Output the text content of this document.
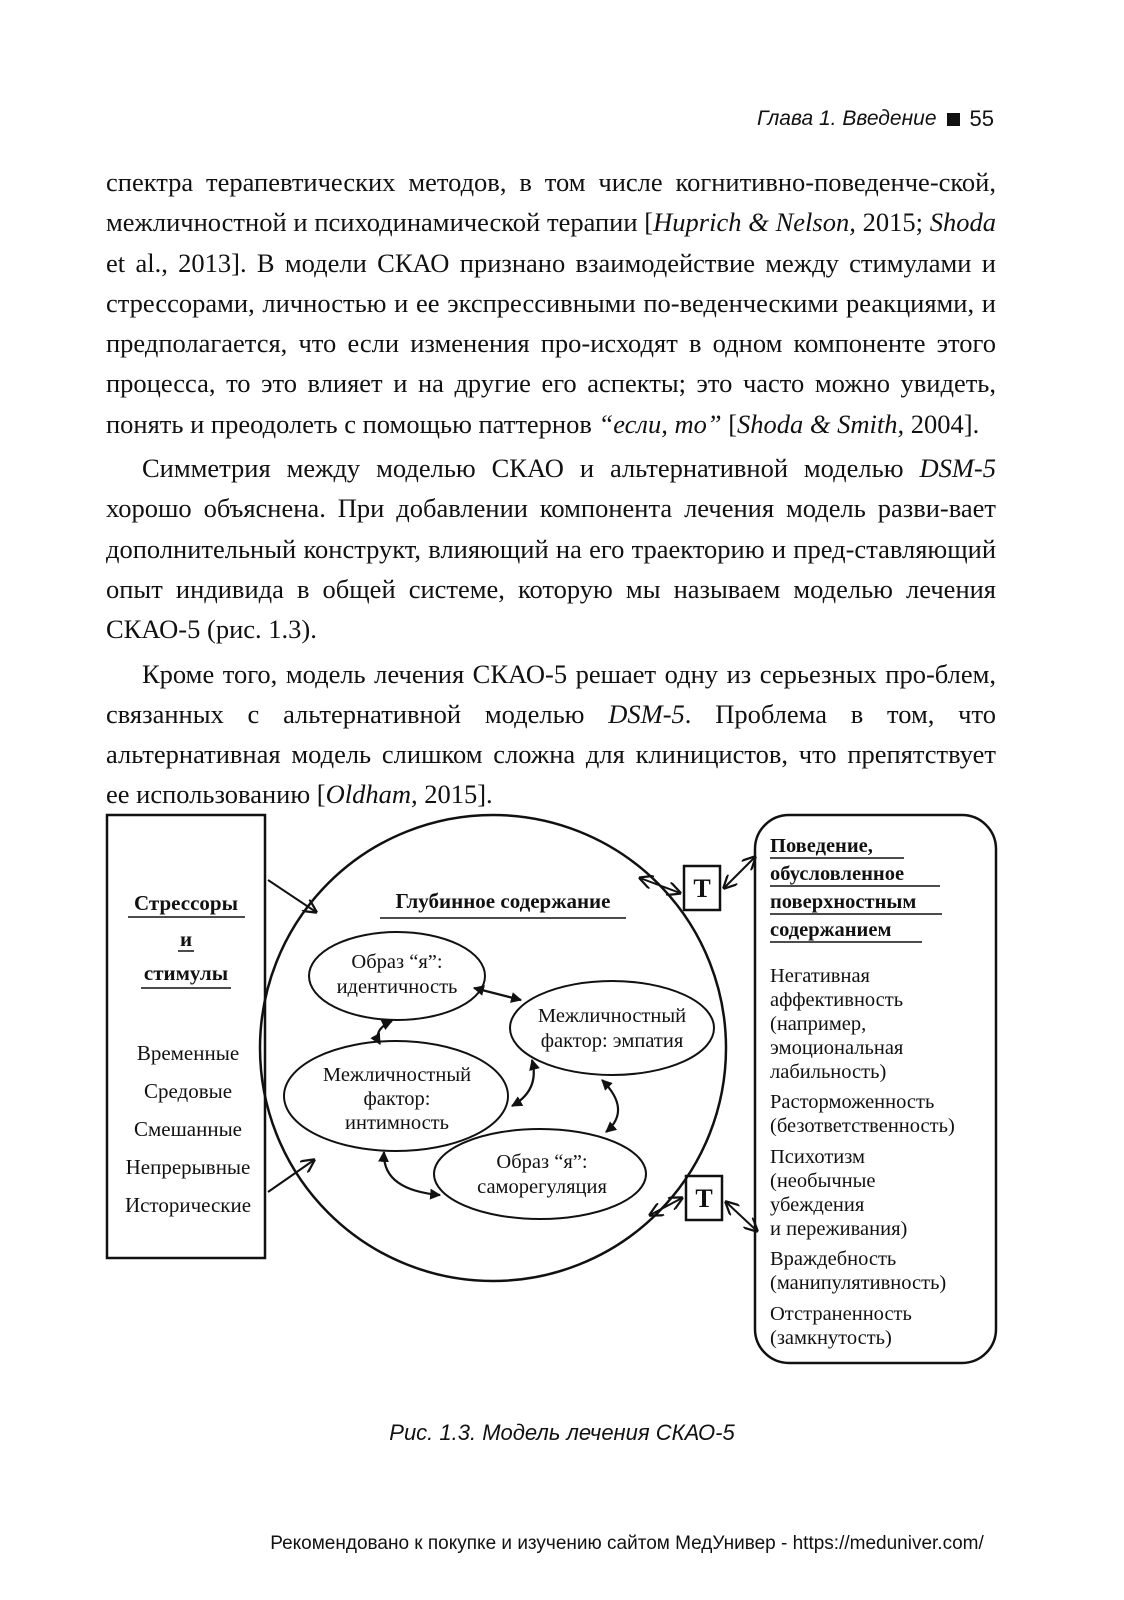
Глава 1. Введение 55

спектра терапевтических методов, в том числе когнитивно-поведенче-ской, межличностной и психодинамической терапии [Huprich & Nelson, 2015; Shoda et al., 2013]. В модели СКАО признано взаимодействие между стимулами и стрессорами, личностью и ее экспрессивными по-веденческими реакциями, и предполагается, что если изменения про-исходят в одном компоненте этого процесса, то это влияет и на другие его аспекты; это часто можно увидеть, понять и преодолеть с помощью паттернов “если, то” [Shoda & Smith, 2004].

Симметрия между моделью СКАО и альтернативной моделью DSM-5 хорошо объяснена. При добавлении компонента лечения модель разви-вает дополнительный конструкт, влияющий на его траекторию и пред-ставляющий опыт индивида в общей системе, которую мы называем моделью лечения СКАО-5 (рис. 1.3).

Кроме того, модель лечения СКАО-5 решает одну из серьезных про-блем, связанных с альтернативной моделью DSM-5. Проблема в том, что альтернативная модель слишком сложна для клиницистов, что препятствует ее использованию [Oldham, 2015].

Стрессоры
и
стимулы
Временные
Средовые
Смешанные
Непрерывные
Исторические
Глубинное содержание
Образ “я”:
идентичность
Межличностный
фактор: эмпатия
Межличностный
фактор:
интимность
Образ “я”:
саморегуляция
Т
Т
Поведение,
обусловленное
поверхностным
содержанием
Негативная
аффективность
(например,
эмоциональная
лабильность)
Расторможенность
(безответственность)
Психотизм
(необычные
убеждения
и переживания)
Враждебность
(манипулятивность)
Отстраненность
(замкнутость)
Рис. 1.3. Модель лечения СКАО-5
Рекомендовано к покупке и изучению сайтом МедУнивер - https://meduniver.com/
